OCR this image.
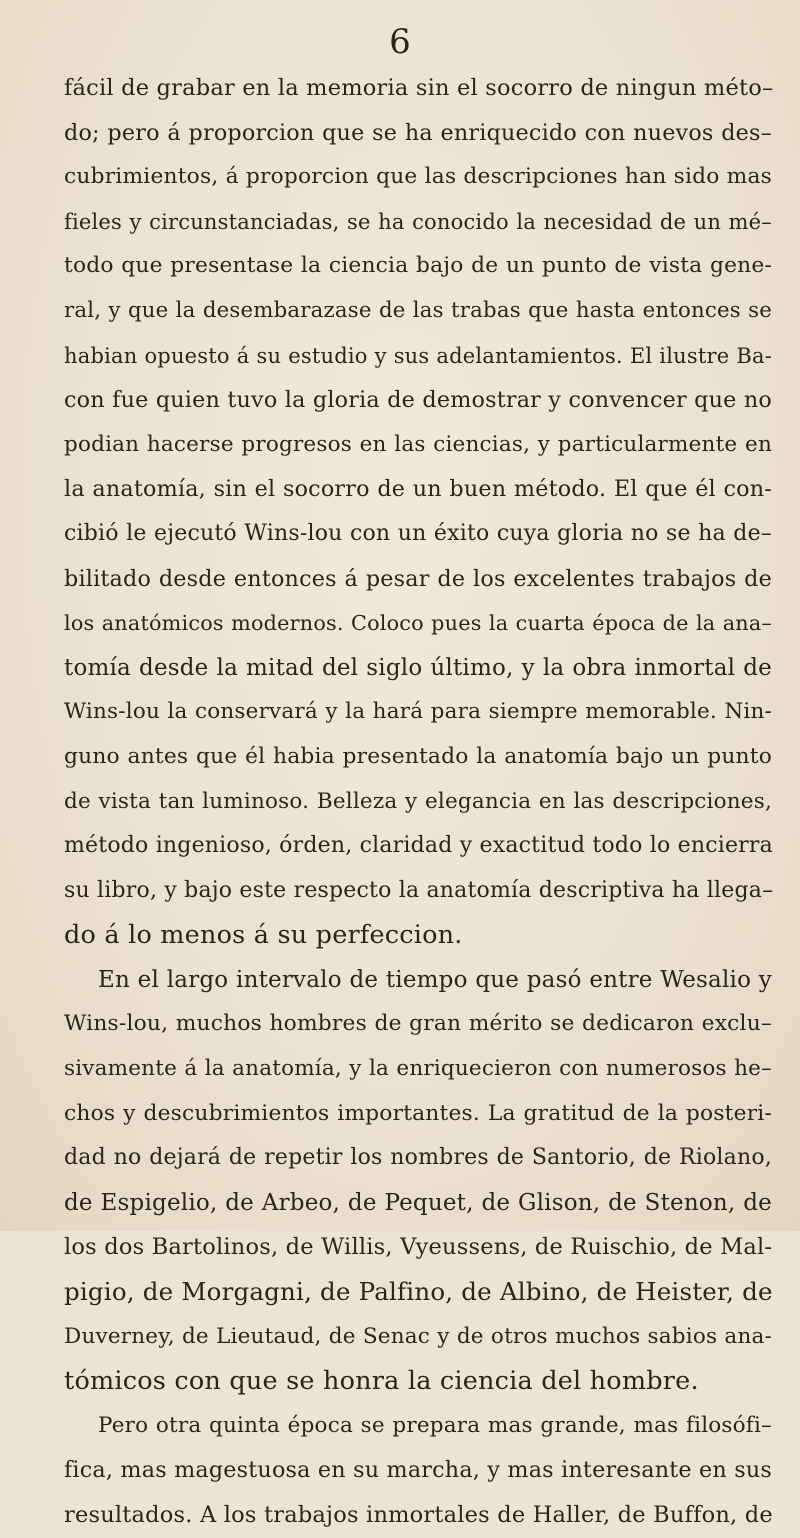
6
fácil de grabar en la memoria sin el socorro de ningun méto–
do; pero á proporcion que se ha enriquecido con nuevos des–
cubrimientos, á proporcion que las descripciones han sido mas
fieles y circunstanciadas, se ha conocido la necesidad de un mé–
todo que presentase la ciencia bajo de un punto de vista gene-
ral, y que la desembarazase de las trabas que hasta entonces se
habian opuesto á su estudio y sus adelantamientos. El ilustre Ba-
con fue quien tuvo la gloria de demostrar y convencer que no
podian hacerse progresos en las ciencias, y particularmente en
la anatomía, sin el socorro de un buen método. El que él con-
cibió le ejecutó Wins-lou con un éxito cuya gloria no se ha de–
bilitado desde entonces á pesar de los excelentes trabajos de
los anatómicos modernos. Coloco pues la cuarta época de la ana–
tomía desde la mitad del siglo último, y la obra inmortal de
Wins-lou la conservará y la hará para siempre memorable. Nin-
guno antes que él habia presentado la anatomía bajo un punto
de vista tan luminoso. Belleza y elegancia en las descripciones,
método ingenioso, órden, claridad y exactitud todo lo encierra
su libro, y bajo este respecto la anatomía descriptiva ha llega–
do á lo menos á su perfeccion.
En el largo intervalo de tiempo que pasó entre Wesalio y
Wins-lou, muchos hombres de gran mérito se dedicaron exclu–
sivamente á la anatomía, y la enriquecieron con numerosos he–
chos y descubrimientos importantes. La gratitud de la posteri-
dad no dejará de repetir los nombres de Santorio, de Riolano,
de Espigelio, de Arbeo, de Pequet, de Glison, de Stenon, de
los dos Bartolinos, de Willis, Vyeussens, de Ruischio, de Mal-
pigio, de Morgagni, de Palfino, de Albino, de Heister, de
Duverney, de Lieutaud, de Senac y de otros muchos sabios ana-
tómicos con que se honra la ciencia del hombre.
Pero otra quinta época se prepara mas grande, mas filosófi–
fica, mas magestuosa en su marcha, y mas interesante en sus
resultados. A los trabajos inmortales de Haller, de Buffon, de
